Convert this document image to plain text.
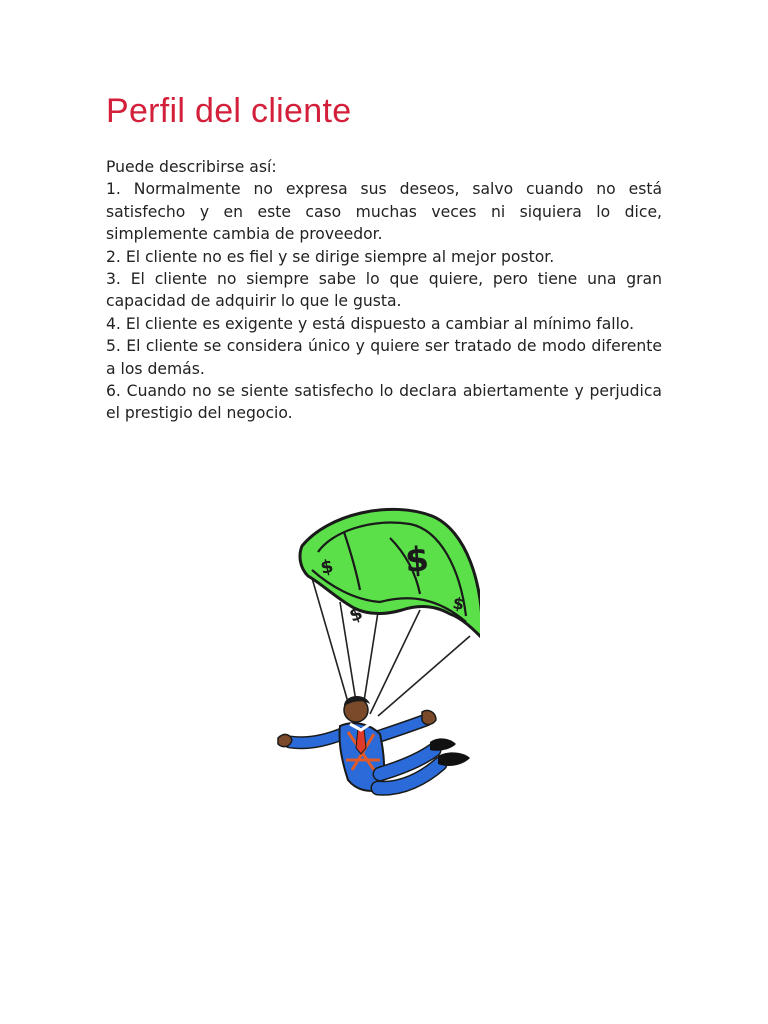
Perfil del cliente

Puede describirse así:

1. Normalmente no expresa sus deseos, salvo cuando no está satisfecho y en este caso muchas veces ni siquiera lo dice, simplemente cambia de proveedor.

2. El cliente no es fiel y se dirige siempre al mejor postor.

3. El cliente no siempre sabe lo que quiere, pero tiene una gran capacidad de adquirir lo que le gusta.

4. El cliente es exigente y está dispuesto a cambiar al mínimo fallo.

5. El cliente se considera único y quiere ser tratado de modo diferente a los demás.

6. Cuando no se siente satisfecho lo declara abiertamente y perjudica el prestigio del negocio.

$ $
$	$
